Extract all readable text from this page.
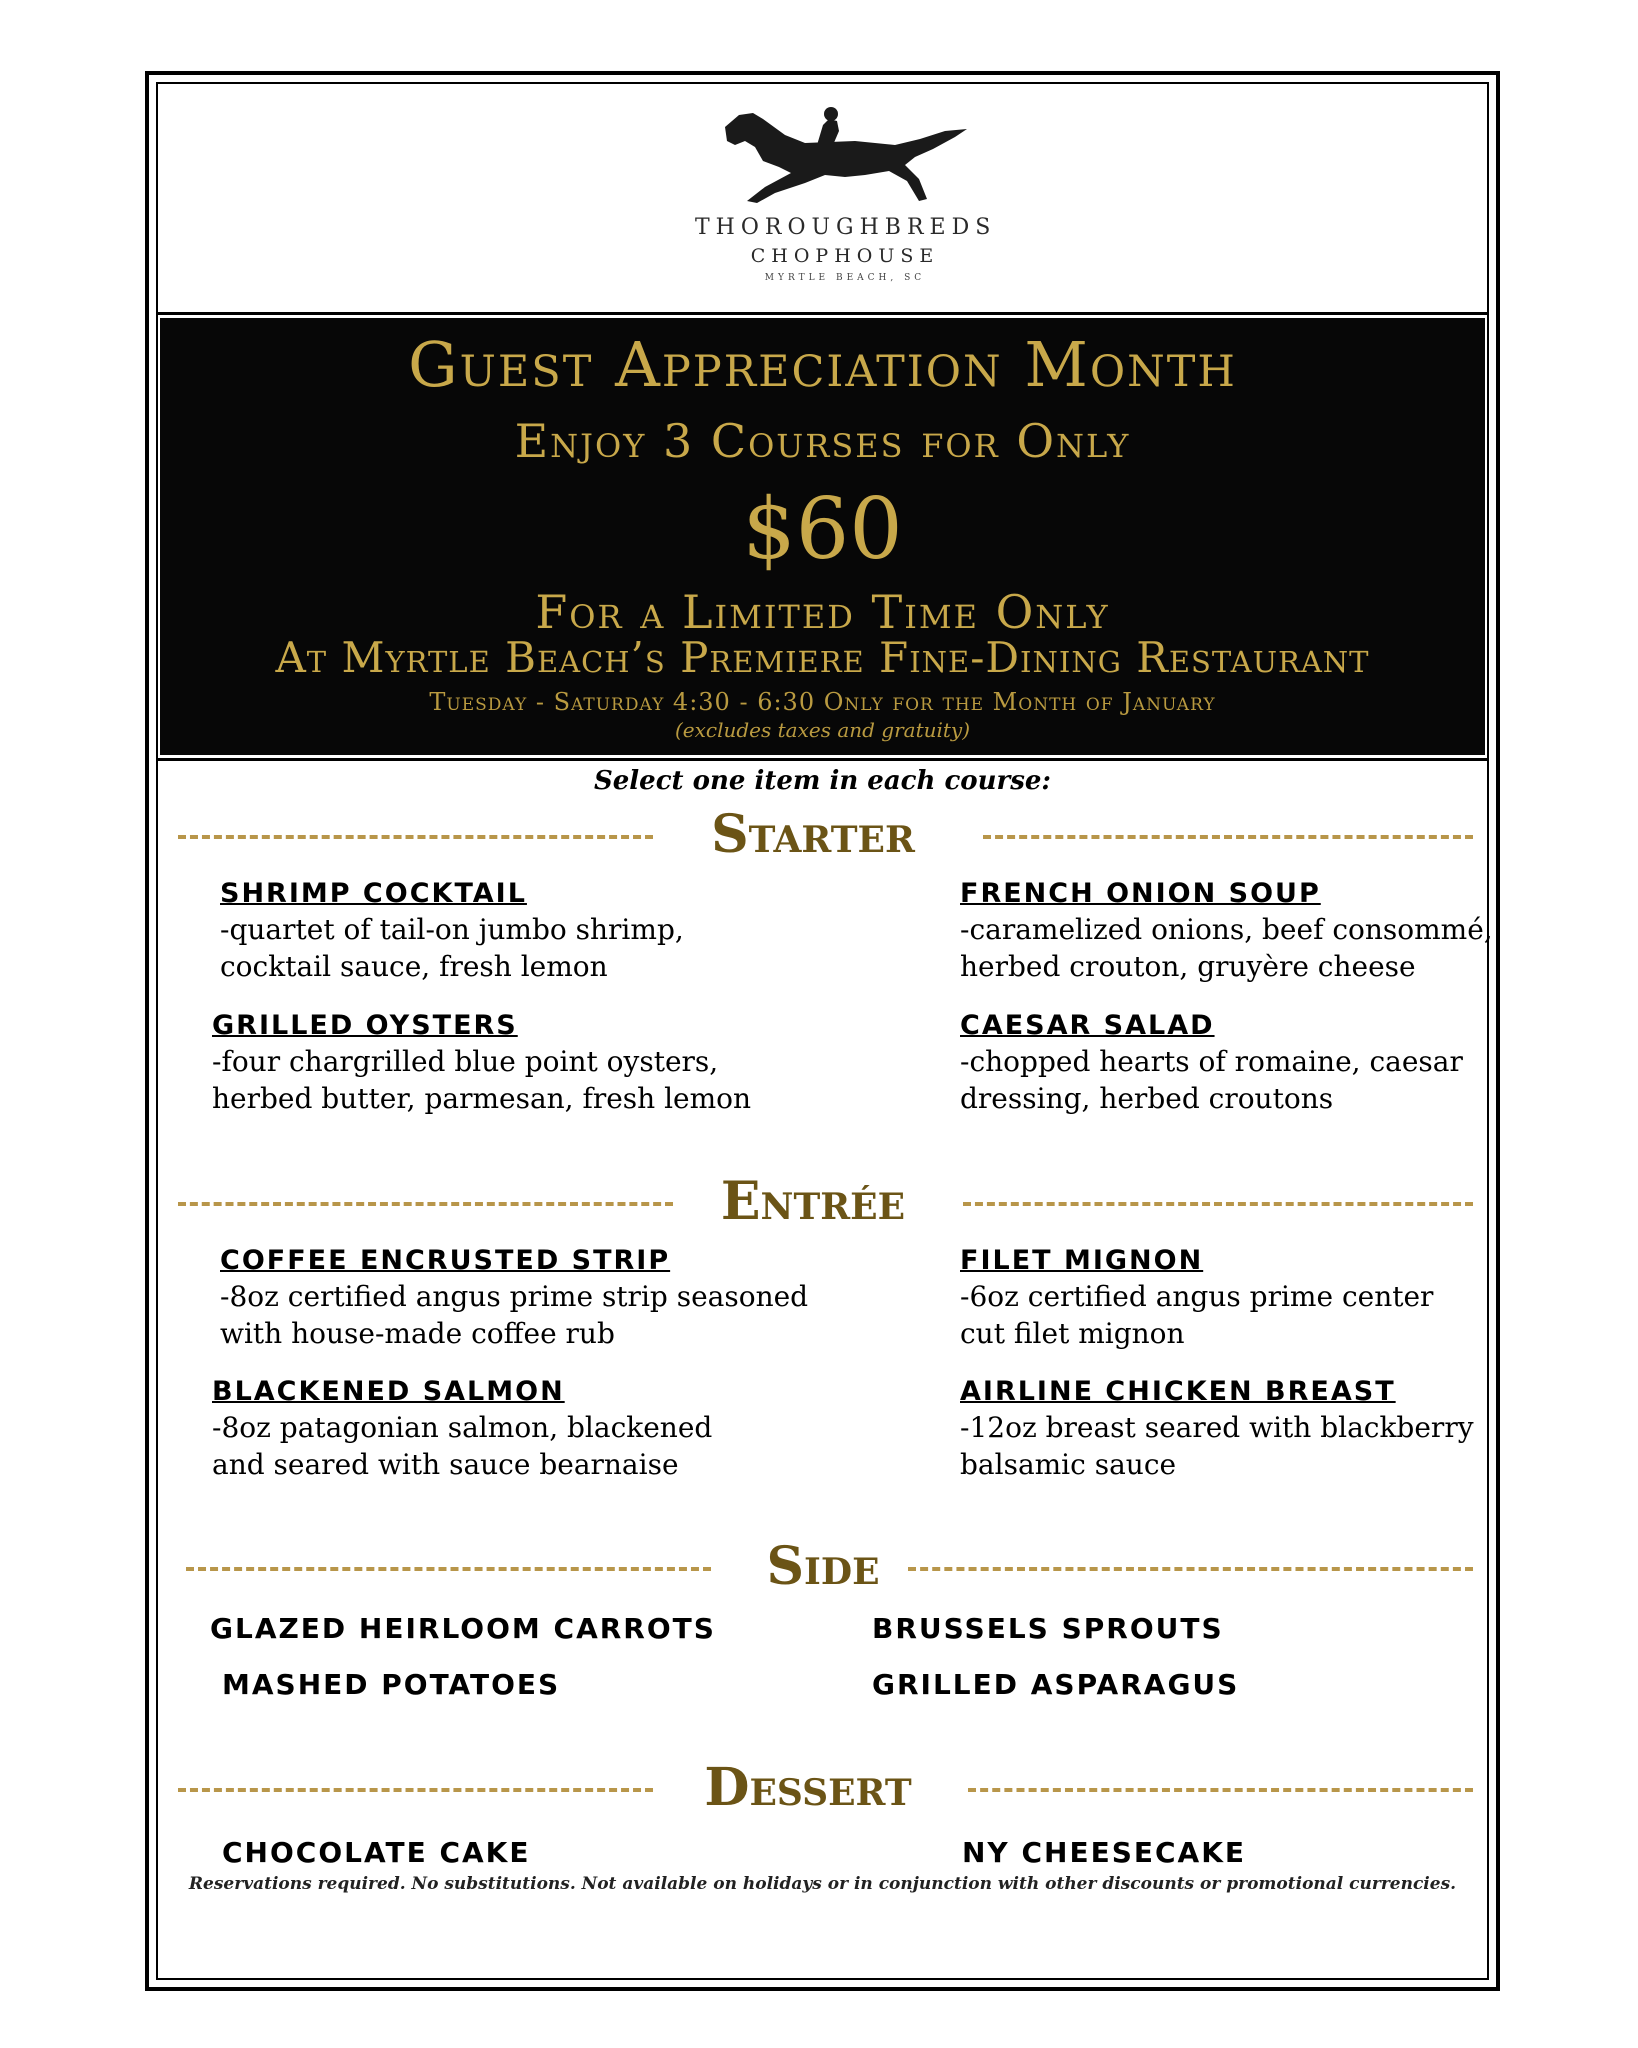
THOROUGHBREDS
CHOPHOUSE
MYRTLE BEACH, SC
Guest Appreciation Month
Enjoy 3 Courses for Only
$60
For a Limited Time Only
At Myrtle Beach’s Premiere Fine-Dining Restaurant
Tuesday - Saturday 4:30 - 6:30 Only for the Month of January
(excludes taxes and gratuity)
Select one item in each course:
Starter
SHRIMP COCKTAIL
-quartet of tail-on jumbo shrimp,
cocktail sauce, fresh lemon
FRENCH ONION SOUP
-caramelized onions, beef consommé,
herbed crouton, gruyère cheese
GRILLED OYSTERS
-four chargrilled blue point oysters,
herbed butter, parmesan, fresh lemon
CAESAR SALAD
-chopped hearts of romaine, caesar
dressing, herbed croutons
Entrée
COFFEE ENCRUSTED STRIP
-8oz certified angus prime strip seasoned
with house-made coffee rub
FILET MIGNON
-6oz certified angus prime center
cut filet mignon
BLACKENED SALMON
-8oz patagonian salmon, blackened
and seared with sauce bearnaise
AIRLINE CHICKEN BREAST
-12oz breast seared with blackberry
balsamic sauce
Side
GLAZED HEIRLOOM CARROTS	BRUSSELS SPROUTS
MASHED POTATOES	GRILLED ASPARAGUS
Dessert
CHOCOLATE CAKE	NY CHEESECAKE
Reservations required. No substitutions. Not available on holidays or in conjunction with other discounts or promotional currencies.
